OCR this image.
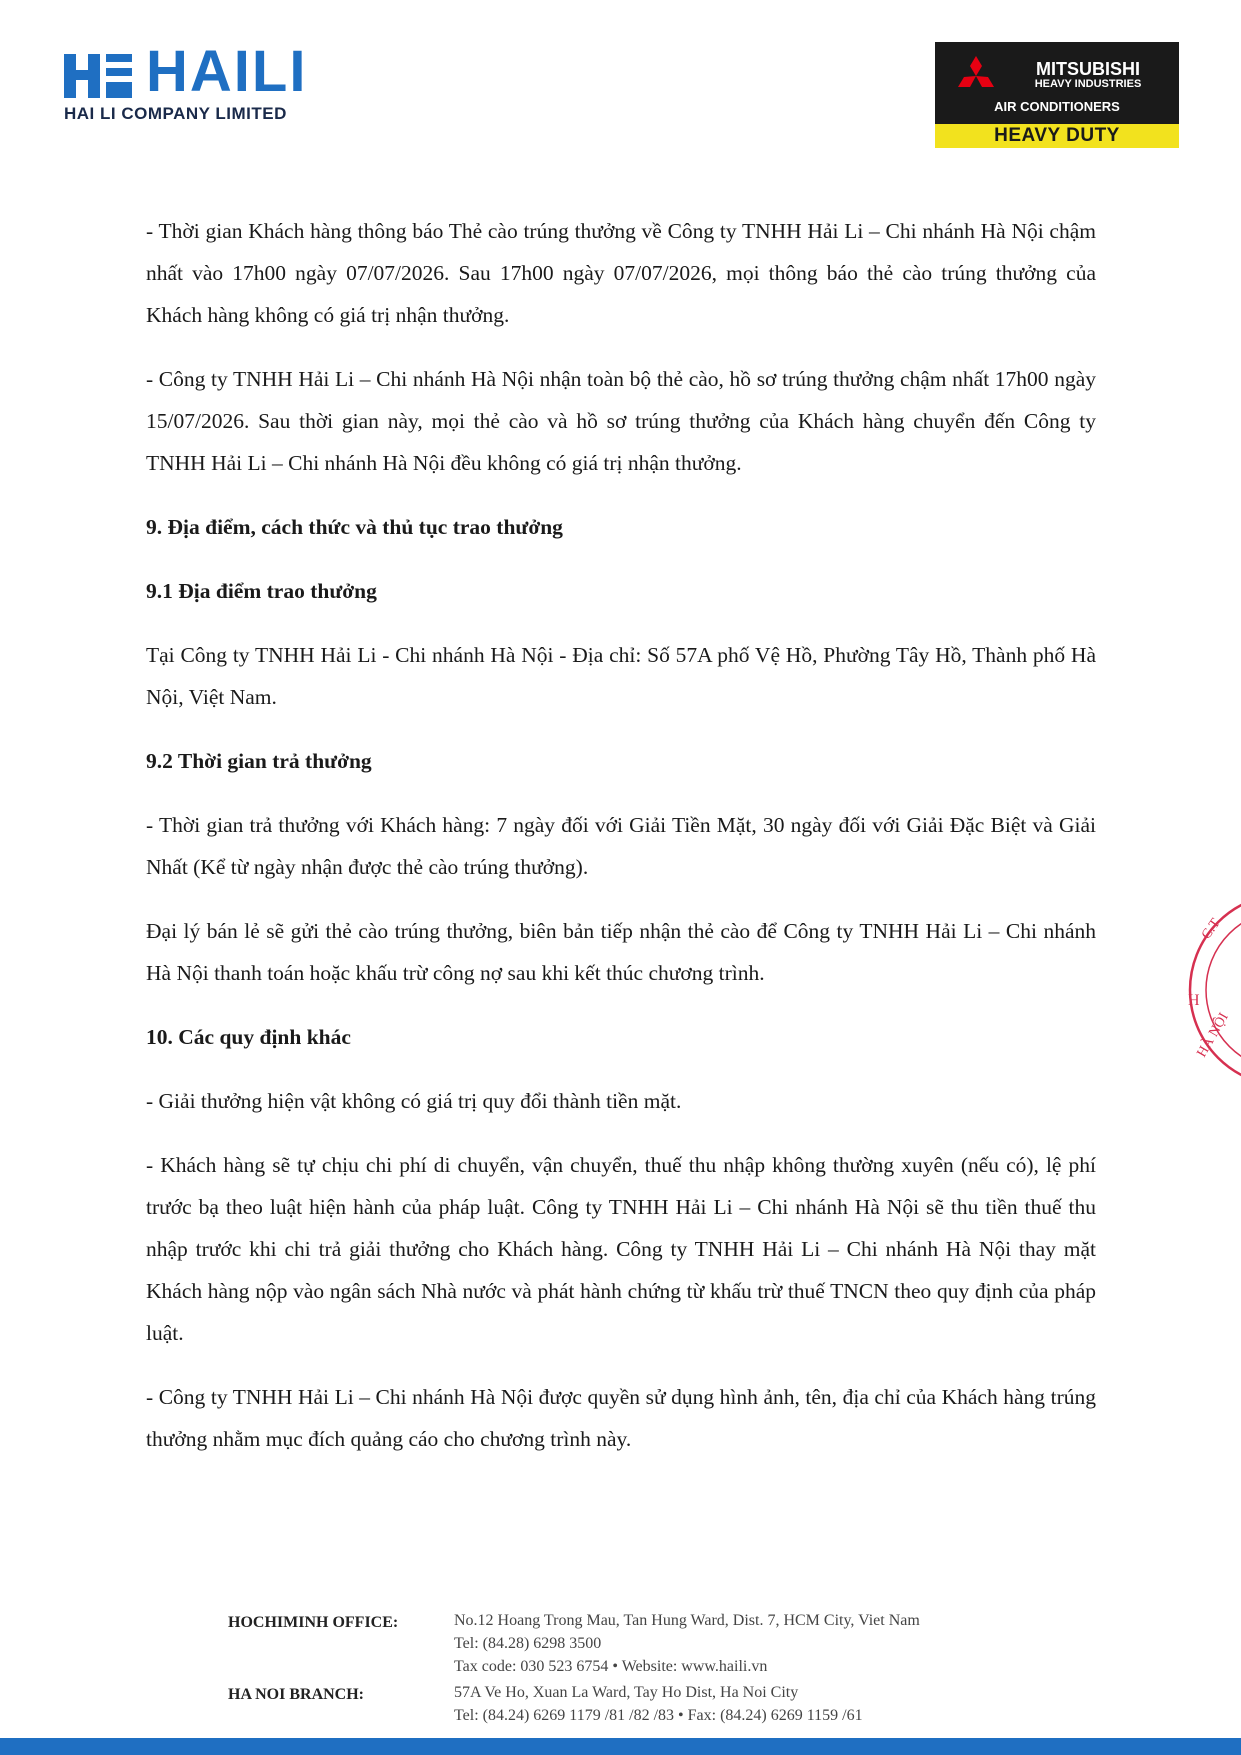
HAILI
HAI LI COMPANY LIMITED
MITSUBISHI
HEAVY INDUSTRIES
AIR CONDITIONERS
HEAVY DUTY

- Thời gian Khách hàng thông báo Thẻ cào trúng thưởng về Công ty TNHH Hải Li – Chi nhánh Hà Nội chậm nhất vào 17h00 ngày 07/07/2026. Sau 17h00 ngày 07/07/2026, mọi thông báo thẻ cào trúng thưởng của Khách hàng không có giá trị nhận thưởng.

- Công ty TNHH Hải Li – Chi nhánh Hà Nội nhận toàn bộ thẻ cào, hồ sơ trúng thưởng chậm nhất 17h00 ngày 15/07/2026. Sau thời gian này, mọi thẻ cào và hồ sơ trúng thưởng của Khách hàng chuyển đến Công ty TNHH Hải Li – Chi nhánh Hà Nội đều không có giá trị nhận thưởng.

9. Địa điểm, cách thức và thủ tục trao thưởng

9.1 Địa điểm trao thưởng

Tại Công ty TNHH Hải Li - Chi nhánh Hà Nội - Địa chỉ: Số 57A phố Vệ Hồ, Phường Tây Hồ, Thành phố Hà Nội, Việt Nam.

9.2 Thời gian trả thưởng

- Thời gian trả thưởng với Khách hàng: 7 ngày đối với Giải Tiền Mặt, 30 ngày đối với Giải Đặc Biệt và Giải Nhất (Kể từ ngày nhận được thẻ cào trúng thưởng).

Đại lý bán lẻ sẽ gửi thẻ cào trúng thưởng, biên bản tiếp nhận thẻ cào để Công ty TNHH Hải Li – Chi nhánh Hà Nội thanh toán hoặc khấu trừ công nợ sau khi kết thúc chương trình.

10. Các quy định khác

- Giải thưởng hiện vật không có giá trị quy đổi thành tiền mặt.

- Khách hàng sẽ tự chịu chi phí di chuyển, vận chuyển, thuế thu nhập không thường xuyên (nếu có), lệ phí trước bạ theo luật hiện hành của pháp luật. Công ty TNHH Hải Li – Chi nhánh Hà Nội sẽ thu tiền thuế thu nhập trước khi chi trả giải thưởng cho Khách hàng. Công ty TNHH Hải Li – Chi nhánh Hà Nội thay mặt Khách hàng nộp vào ngân sách Nhà nước và phát hành chứng từ khấu trừ thuế TNCN theo quy định của pháp luật.

- Công ty TNHH Hải Li – Chi nhánh Hà Nội được quyền sử dụng hình ảnh, tên, địa chỉ của Khách hàng trúng thưởng nhằm mục đích quảng cáo cho chương trình này.

C.T
H
HÀ NỘI
HOCHIMINH OFFICE:	No.12 Hoang Trong Mau, Tan Hung Ward, Dist. 7, HCM City, Viet Nam
Tel: (84.28) 6298 3500
Tax code: 030 523 6754 • Website: www.haili.vn
HA NOI BRANCH:	57A Ve Ho, Xuan La Ward, Tay Ho Dist, Ha Noi City
Tel: (84.24) 6269 1179 /81 /82 /83 • Fax: (84.24) 6269 1159 /61
